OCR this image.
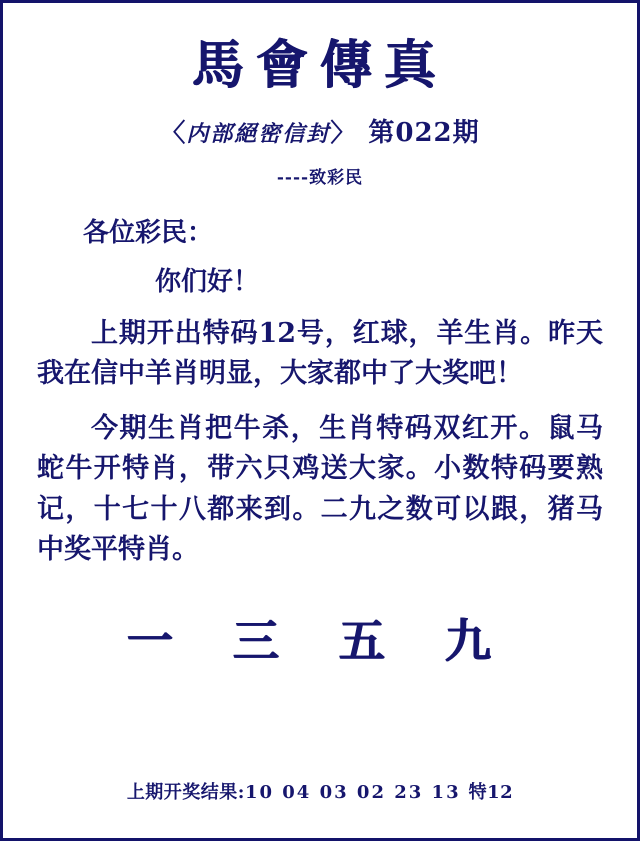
馬會傳真
〈内部絕密信封〉 第022期
----致彩民

各位彩民：

你们好！

上期开出特码12号，红球，羊生肖。昨天我在信中羊肖明显，大家都中了大奖吧！

今期生肖把牛杀，生肖特码双红开。鼠马蛇牛开特肖，带六只鸡送大家。小数特码要熟记，十七十八都来到。二九之数可以跟，猪马中奖平特肖。

一 三 五 九
上期开奖结果:10 04 03 02 23 13 特12
